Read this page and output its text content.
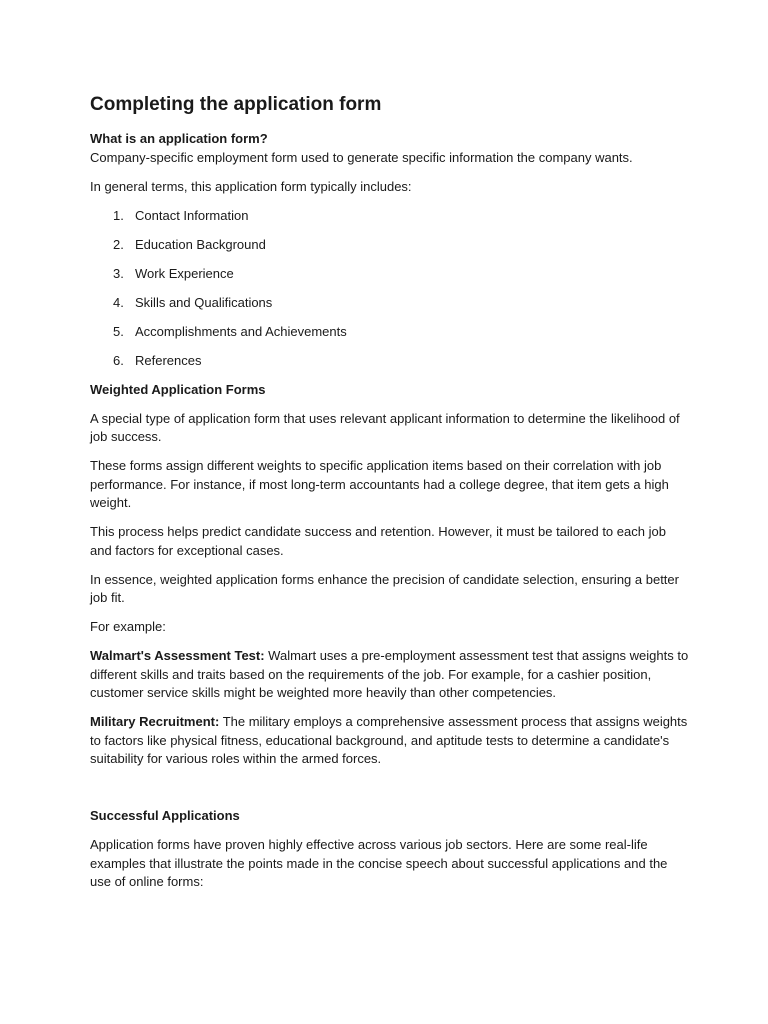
Completing the application form

What is an application form?

Company-specific employment form used to generate specific information the company wants.

In general terms, this application form typically includes:

1. Contact Information
2. Education Background
3. Work Experience
4. Skills and Qualifications
5. Accomplishments and Achievements
6. References

Weighted Application Forms

A special type of application form that uses relevant applicant information to determine the likelihood of job success.

These forms assign different weights to specific application items based on their correlation with job performance. For instance, if most long-term accountants had a college degree, that item gets a high weight.

This process helps predict candidate success and retention. However, it must be tailored to each job and factors for exceptional cases.

In essence, weighted application forms enhance the precision of candidate selection, ensuring a better job fit.

For example:

Walmart's Assessment Test: Walmart uses a pre-employment assessment test that assigns weights to different skills and traits based on the requirements of the job. For example, for a cashier position, customer service skills might be weighted more heavily than other competencies.

Military Recruitment: The military employs a comprehensive assessment process that assigns weights to factors like physical fitness, educational background, and aptitude tests to determine a candidate's suitability for various roles within the armed forces.

Successful Applications

Application forms have proven highly effective across various job sectors. Here are some real-life examples that illustrate the points made in the concise speech about successful applications and the use of online forms:
